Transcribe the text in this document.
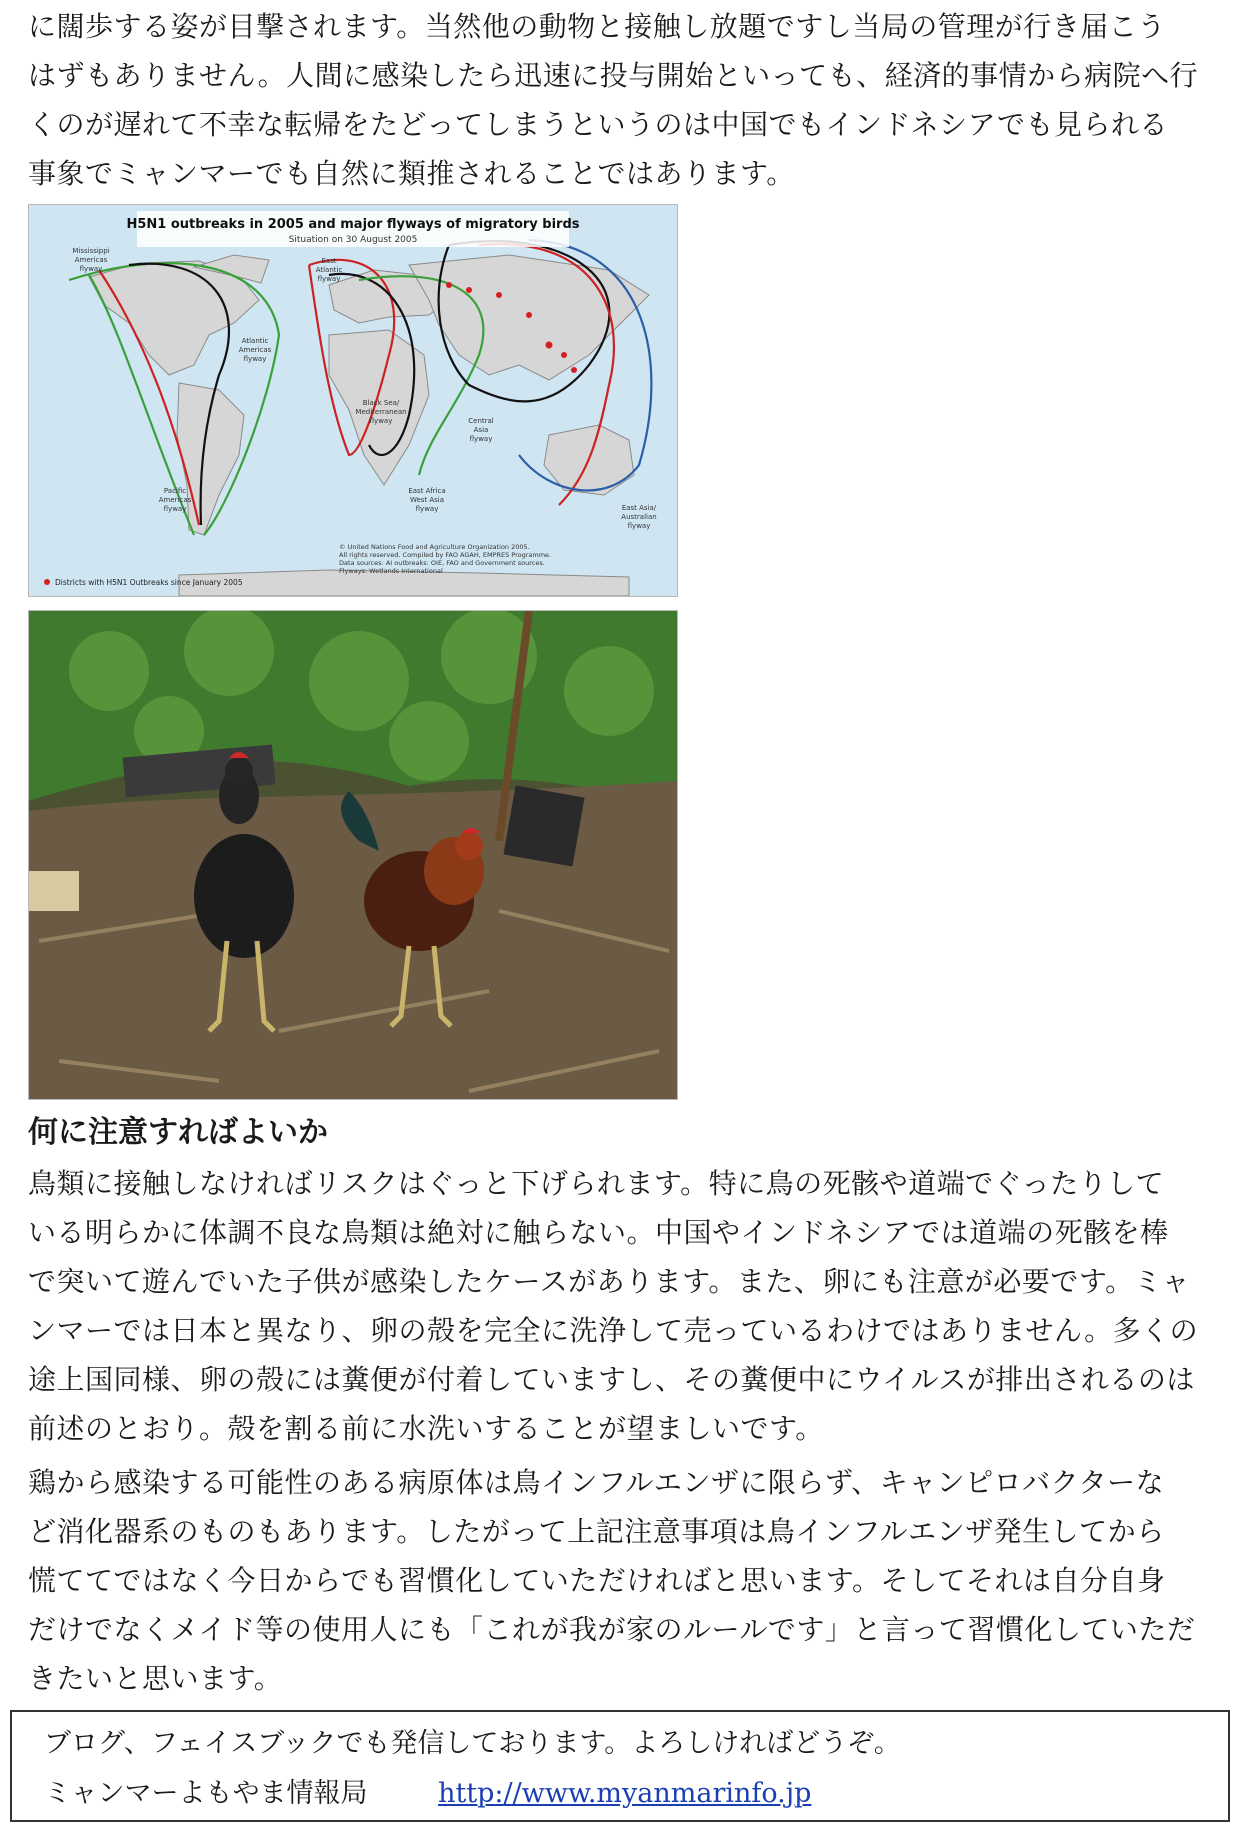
に闊歩する姿が目撃されます。当然他の動物と接触し放題ですし当局の管理が行き届こう
はずもありません。人間に感染したら迅速に投与開始といっても、経済的事情から病院へ行
くのが遅れて不幸な転帰をたどってしまうというのは中国でもインドネシアでも見られる
事象でミャンマーでも自然に類推されることではあります。

H5N1 outbreaks in 2005 and major flyways of migratory birds
Situation on 30 August 2005
Mississippi
Americas
flyway
East
Atlantic
flyway
Atlantic
Americas
flyway
Black Sea/
Mediterranean
flyway	Central
Asia
flyway
Pacific
Americas
flyway
East Africa
West Asia
flyway	East Asia/
Australian
flyway
© United Nations Food and Agriculture Organization 2005.
All rights reserved. Compiled by FAO AGAH, EMPRES Programme.
Data sources: AI outbreaks: OIE, FAO and Government sources.
Flyways: Wetlands International
Districts with H5N1 Outbreaks since January 2005
何に注意すればよいか

鳥類に接触しなければリスクはぐっと下げられます。特に鳥の死骸や道端でぐったりして
いる明らかに体調不良な鳥類は絶対に触らない。中国やインドネシアでは道端の死骸を棒
で突いて遊んでいた子供が感染したケースがあります。また、卵にも注意が必要です。ミャ
ンマーでは日本と異なり、卵の殻を完全に洗浄して売っているわけではありません。多くの
途上国同様、卵の殻には糞便が付着していますし、その糞便中にウイルスが排出されるのは
前述のとおり。殻を割る前に水洗いすることが望ましいです。

鶏から感染する可能性のある病原体は鳥インフルエンザに限らず、キャンピロバクターな
ど消化器系のものもあります。したがって上記注意事項は鳥インフルエンザ発生してから
慌ててではなく今日からでも習慣化していただければと思います。そしてそれは自分自身
だけでなくメイド等の使用人にも「これが我が家のルールです」と言って習慣化していただ
きたいと思います。

ブログ、フェイスブックでも発信しております。よろしければどうぞ。
ミャンマーよもやま情報局	http://www.myanmarinfo.jp
